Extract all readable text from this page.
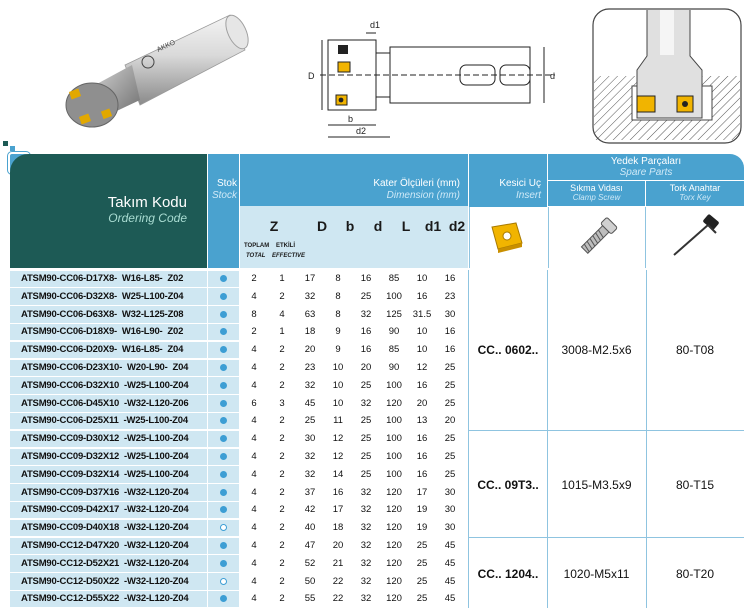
AKKO
d1
D	d
b
d2
Takım Kodu
Ordering Code
Stok
Stock
Kater Ölçüleri (mm)
Dimension (mm)
Z
TOPLAM
TOTAL
ETKİLİ
EFFECTIVE
D	b	d	L	d1 d2
Kesici Uç
Insert
Yedek Parçaları
Spare Parts
Sıkma Vidası
Clamp Screw
Tork Anahtar
Torx Key
ATSM90-CC06-D17X8-  W16-L85-  Z02	2	1	17	8	16	85	10	16
ATSM90-CC06-D32X8-  W25-L100-Z04	4	2	32	8	25	100	16	23
ATSM90-CC06-D63X8-  W32-L125-Z08	8	4	63	8	32	125	31.5	30
ATSM90-CC06-D18X9-  W16-L90-  Z02	2	1	18	9	16	90	10	16
ATSM90-CC06-D20X9-  W16-L85-  Z04	4	2	20	9	16	85	10	16
ATSM90-CC06-D23X10-  W20-L90-  Z04	4	2	23	10	20	90	12	25
ATSM90-CC06-D32X10  -W25-L100-Z04	4	2	32	10	25	100	16	25
ATSM90-CC06-D45X10  -W32-L120-Z06	6	3	45	10	32	120	20	25
ATSM90-CC06-D25X11  -W25-L100-Z04	4	2	25	11	25	100	13	20
ATSM90-CC09-D30X12  -W25-L100-Z04	4	2	30	12	25	100	16	25
ATSM90-CC09-D32X12  -W25-L100-Z04	4	2	32	12	25	100	16	25
ATSM90-CC09-D32X14  -W25-L100-Z04	4	2	32	14	25	100	16	25
ATSM90-CC09-D37X16  -W32-L120-Z04	4	2	37	16	32	120	17	30
ATSM90-CC09-D42X17  -W32-L120-Z04	4	2	42	17	32	120	19	30
ATSM90-CC09-D40X18  -W32-L120-Z04	4	2	40	18	32	120	19	30
ATSM90-CC12-D47X20  -W32-L120-Z04	4	2	47	20	32	120	25	45
ATSM90-CC12-D52X21  -W32-L120-Z04	4	2	52	21	32	120	25	45
ATSM90-CC12-D50X22  -W32-L120-Z04	4	2	50	22	32	120	25	45
ATSM90-CC12-D55X22  -W32-L120-Z04	4	2	55	22	32	120	25	45
CC.. 0602..	3008-M2.5x6	80-T08
CC.. 09T3..	1015-M3.5x9	80-T15
CC.. 1204..	1020-M5x11	80-T20
